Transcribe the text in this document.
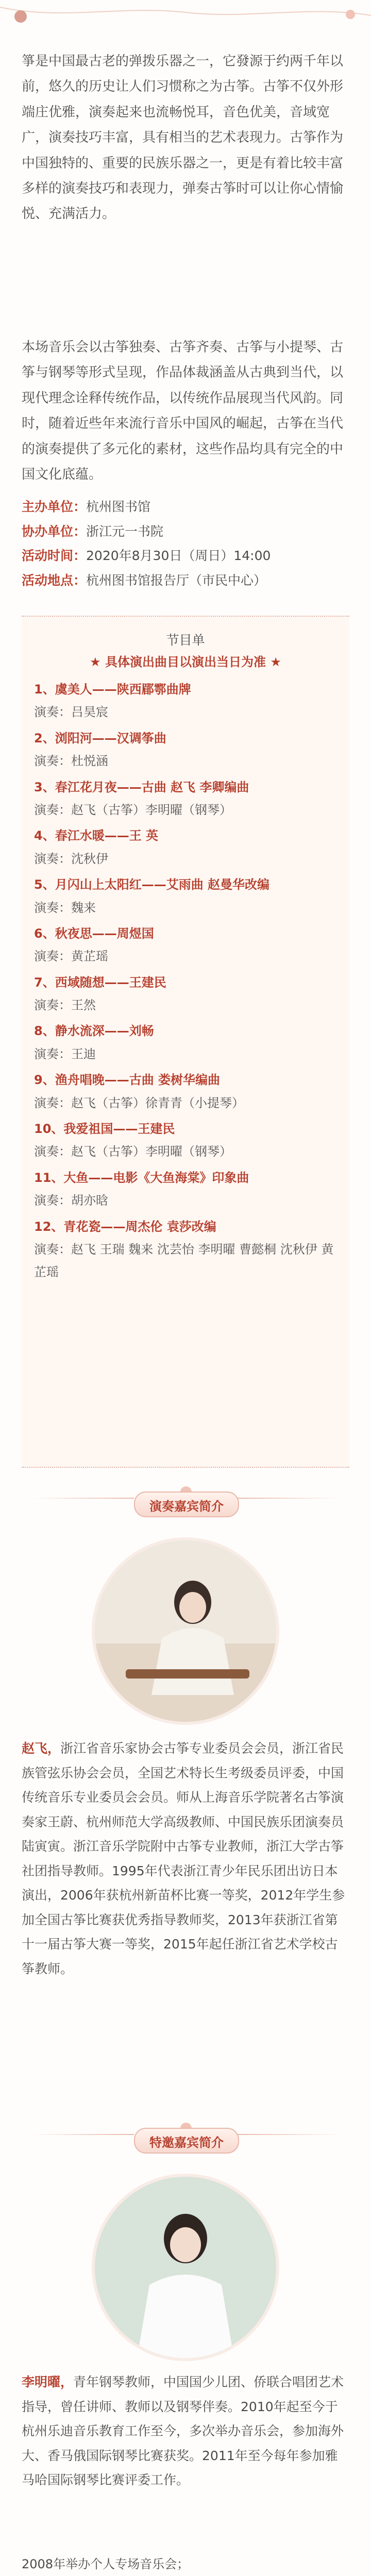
箏是中国最古老的弹拨乐器之一，它發源于约两千年以前，悠久的历史让人们习惯称之为古筝。古筝不仅外形端庄优雅，演奏起来也流畅悦耳，音色优美，音域宽广，演奏技巧丰富，具有相当的艺术表现力。古筝作为中国独特的、重要的民族乐器之一，更是有着比较丰富多样的演奏技巧和表现力，弹奏古筝时可以让你心情愉悦、充满活力。

本场音乐会以古筝独奏、古筝齐奏、古筝与小提琴、古筝与钢琴等形式呈现，作品体裁涵盖从古典到当代，以现代理念诠释传统作品，以传统作品展现当代风韵。同时，随着近些年来流行音乐中国风的崛起，古筝在当代的演奏提供了多元化的素材，这些作品均具有完全的中国文化底蕴。

主办单位：杭州图书馆
协办单位：浙江元一书院
活动时间：2020年8月30日（周日）14:00
活动地点：杭州图书馆报告厅（市民中心）
节目单
★ 具体演出曲目以演出当日为准 ★
1、虞美人——陕西郿鄠曲牌
演奏：吕昊宸
2、浏阳河——汉调筝曲
演奏：杜悦涵
3、春江花月夜——古曲 赵飞 李卿编曲
演奏：赵飞（古筝）李明曜（钢琴）
4、春江水暖——王 英
演奏：沈秋伊
5、月闪山上太阳红——艾雨曲 赵曼华改编
演奏：魏来
6、秋夜思——周煜国
演奏：黄芷瑶
7、西域随想——王建民
演奏：王然
8、静水流深——刘畅
演奏：王迪
9、渔舟唱晚——古曲 娄树华编曲
演奏：赵飞（古筝）徐青青（小提琴）
10、我爱祖国——王建民
演奏：赵飞（古筝）李明曜（钢琴）
11、大鱼——电影《大鱼海棠》印象曲
演奏：胡亦晗
12、青花瓷——周杰伦 袁莎改编
演奏：赵飞 王瑞 魏来 沈芸怡 李明曜 曹懿桐 沈秋伊 黄芷瑶
演奏嘉宾简介
赵飞，浙江省音乐家协会古筝专业委员会会员，浙江省民族管弦乐协会会员，全国艺术特长生考级委员评委，中国传统音乐专业委员会会员。师从上海音乐学院著名古筝演奏家王蔚、杭州师范大学高级教师、中国民族乐团演奏员陆寅寅。浙江音乐学院附中古筝专业教师，浙江大学古筝社团指导教师。1995年代表浙江青少年民乐团出访日本演出，2006年获杭州新苗杯比赛一等奖，2012年学生参加全国古筝比赛获优秀指导教师奖，2013年获浙江省第十一届古筝大赛一等奖，2015年起任浙江省艺术学校古筝教师。
特邀嘉宾简介
李明曜，青年钢琴教师，中国国少儿团、侨联合唱团艺术指导，曾任讲师、教师以及钢琴伴奏。2010年起至今于杭州乐迪音乐教育工作至今，多次举办音乐会，参加海外大、香马俄国际钢琴比赛获奖。2011年至今每年参加雅马哈国际钢琴比赛评委工作。
2008年举办个人专场音乐会；
